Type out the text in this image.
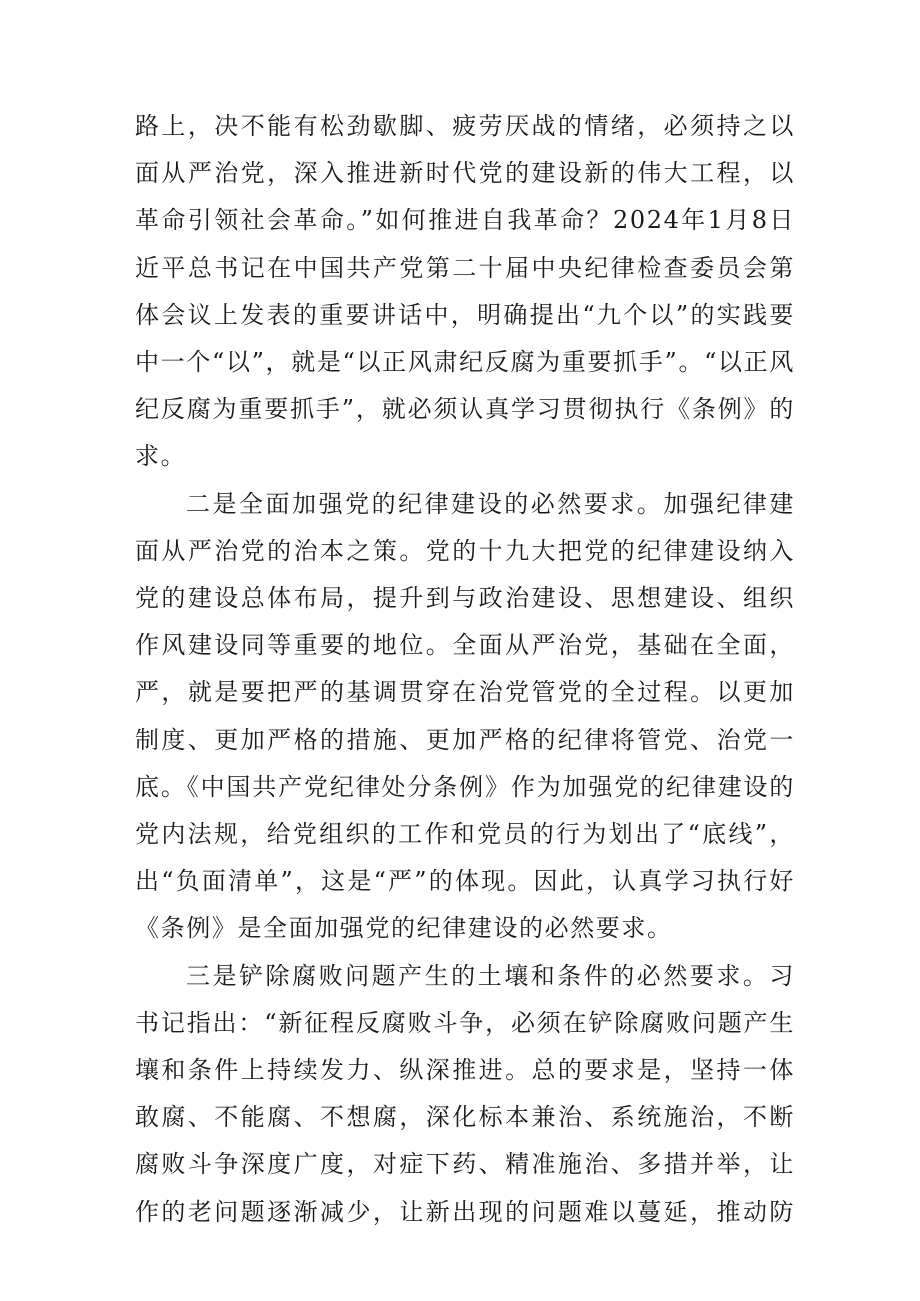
路上，决不能有松劲歇脚、疲劳厌战的情绪，必须持之以
面从严治党，深入推进新时代党的建设新的伟大工程，以
革命引领社会革命。”如何推进自我革命？2024年1月8日
近平总书记在中国共产党第二十届中央纪律检查委员会第
体会议上发表的重要讲话中，明确提出“九个以”的实践要
中一个“以”，就是“以正风肃纪反腐为重要抓手”。“以正风
纪反腐为重要抓手”，就必须认真学习贯彻执行《条例》的
求。
二是全面加强党的纪律建设的必然要求。加强纪律建
面从严治党的治本之策。党的十九大把党的纪律建设纳入
党的建设总体布局，提升到与政治建设、思想建设、组织
作风建设同等重要的地位。全面从严治党，基础在全面，
严，就是要把严的基调贯穿在治党管党的全过程。以更加
制度、更加严格的措施、更加严格的纪律将管党、治党一
底。《中国共产党纪律处分条例》作为加强党的纪律建设的
党内法规，给党组织的工作和党员的行为划出了“底线”，
出“负面清单”，这是“严”的体现。因此，认真学习执行好
《条例》是全面加强党的纪律建设的必然要求。
三是铲除腐败问题产生的土壤和条件的必然要求。习
书记指出：“新征程反腐败斗争，必须在铲除腐败问题产生
壤和条件上持续发力、纵深推进。总的要求是，坚持一体
敢腐、不能腐、不想腐，深化标本兼治、系统施治，不断
腐败斗争深度广度，对症下药、精准施治、多措并举，让
作的老问题逐渐减少，让新出现的问题难以蔓延，推动防
